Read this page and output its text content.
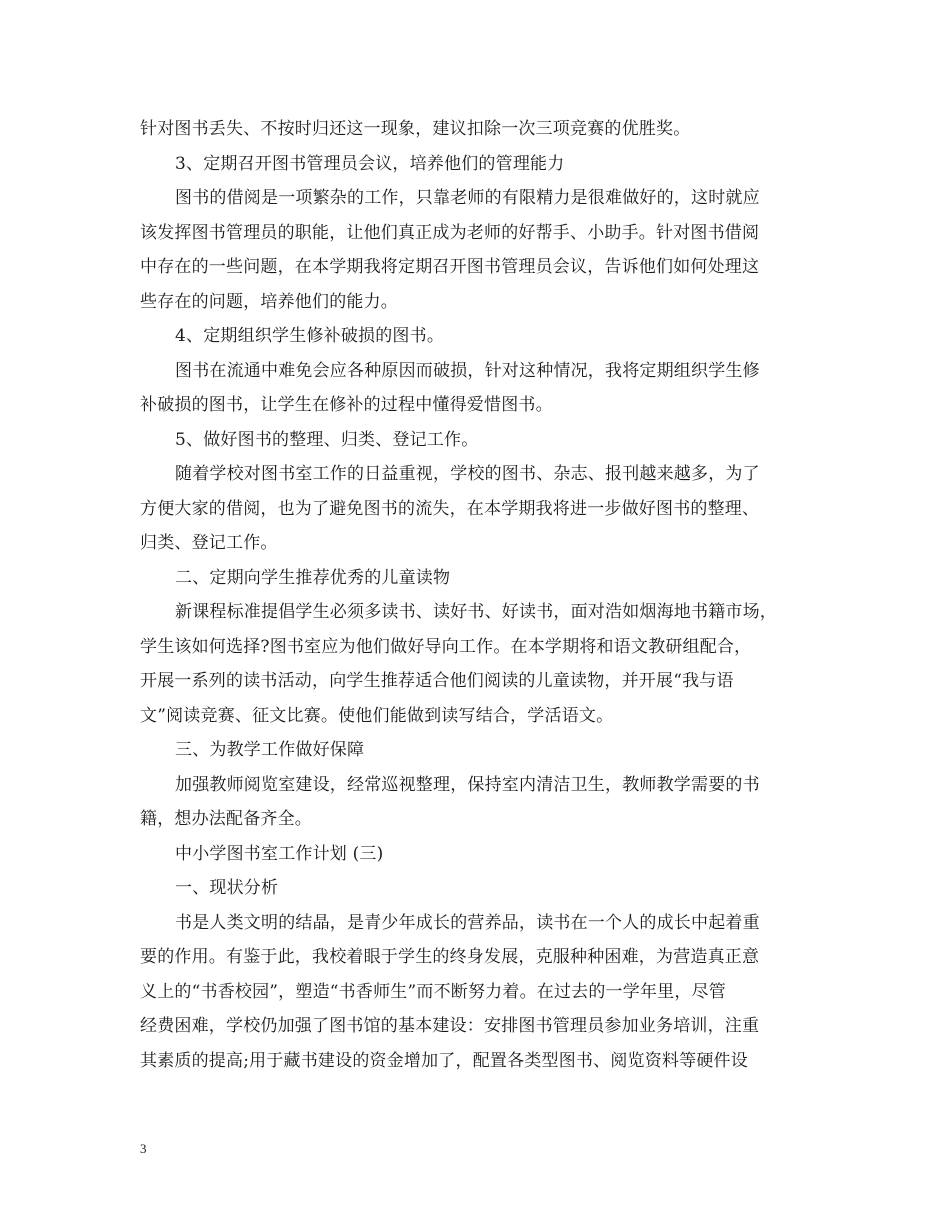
针对图书丢失、不按时归还这一现象，建议扣除一次三项竞赛的优胜奖。
3、定期召开图书管理员会议，培养他们的管理能力
图书的借阅是一项繁杂的工作，只靠老师的有限精力是很难做好的，这时就应
该发挥图书管理员的职能，让他们真正成为老师的好帮手、小助手。针对图书借阅
中存在的一些问题，在本学期我将定期召开图书管理员会议，告诉他们如何处理这
些存在的问题，培养他们的能力。
4、定期组织学生修补破损的图书。
图书在流通中难免会应各种原因而破损，针对这种情况，我将定期组织学生修
补破损的图书，让学生在修补的过程中懂得爱惜图书。
5、做好图书的整理、归类、登记工作。
随着学校对图书室工作的日益重视，学校的图书、杂志、报刊越来越多，为了
方便大家的借阅，也为了避免图书的流失，在本学期我将进一步做好图书的整理、
归类、登记工作。
二、定期向学生推荐优秀的儿童读物
新课程标准提倡学生必须多读书、读好书、好读书，面对浩如烟海地书籍市场，
学生该如何选择?图书室应为他们做好导向工作。在本学期将和语文教研组配合，
开展一系列的读书活动，向学生推荐适合他们阅读的儿童读物，并开展“我与语
文”阅读竞赛、征文比赛。使他们能做到读写结合，学活语文。
三、为教学工作做好保障
加强教师阅览室建设，经常巡视整理，保持室内清洁卫生，教师教学需要的书
籍，想办法配备齐全。
中小学图书室工作计划 (三)
一、现状分析
书是人类文明的结晶，是青少年成长的营养品，读书在一个人的成长中起着重
要的作用。有鉴于此，我校着眼于学生的终身发展，克服种种困难，为营造真正意
义上的“书香校园”，塑造“书香师生”而不断努力着。在过去的一学年里，尽管
经费困难，学校仍加强了图书馆的基本建设：安排图书管理员参加业务培训，注重
其素质的提高;用于藏书建设的资金增加了，配置各类型图书、阅览资料等硬件设
3
